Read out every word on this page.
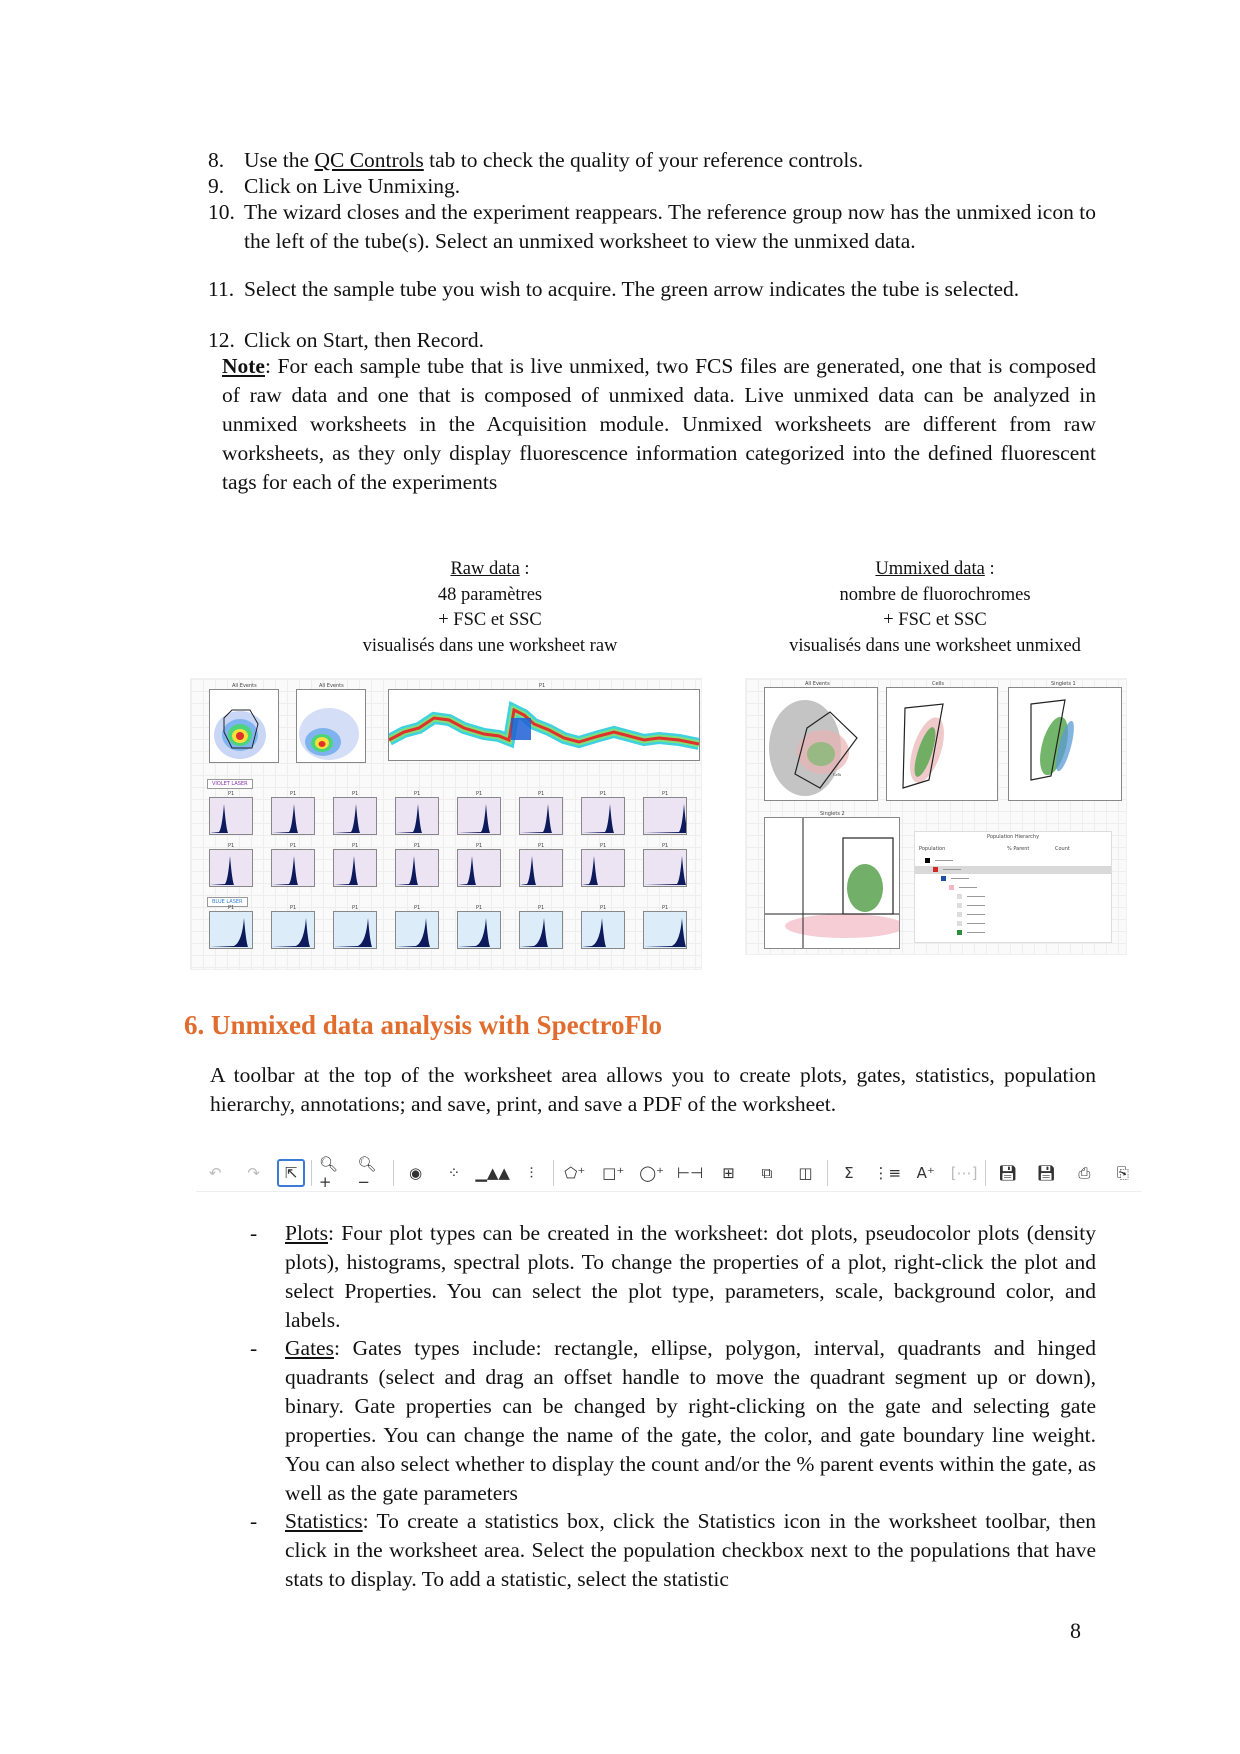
8. Use the QC Controls tab to check the quality of your reference controls.
9. Click on Live Unmixing.
10. The wizard closes and the experiment reappears. The reference group now has the unmixed icon to the left of the tube(s). Select an unmixed worksheet to view the unmixed data.
11. Select the sample tube you wish to acquire. The green arrow indicates the tube is selected.
12. Click on Start, then Record.
Note: For each sample tube that is live unmixed, two FCS files are generated, one that is composed of raw data and one that is composed of unmixed data. Live unmixed data can be analyzed in unmixed worksheets in the Acquisition module. Unmixed worksheets are different from raw worksheets, as they only display fluorescence information categorized into the defined fluorescent tags for each of the experiments
Raw data :
48 paramètres
+ FSC et SSC
visualisés dans une worksheet raw
Ummixed data :
nombre de fluorochromes
+ FSC et SSC
visualisés dans une worksheet unmixed
All Events	All Events	P1
VIOLET LASER
BLUE LASER
P1	P1	P1	P1	P1	P1	P1	P1
P1	P1	P1	P1	P1	P1	P1	P1
P1	P1	P1	P1	P1	P1	P1	P1
All Events
Cells
Cells	Singlets 1
Singlets 2
Population Hierarchy
Population	% Parent	Count
6. Unmixed data analysis with SpectroFlo
A toolbar at the top of the worksheet area allows you to create plots, gates, statistics, population hierarchy, annotations; and save, print, and save a PDF of the worksheet.
↶ ↷ ⇱ 🔍︎+
🔍︎−	◉ ⁘ ▁▲▲ ⫶ ⬠⁺ □⁺ ◯⁺ ⊢⊣ ⊞ ⧉ ◫ Σ ⋮≡ A⁺ [⋯] 💾︎ 💾︎ ⎙ ⎘
- Plots: Four plot types can be created in the worksheet: dot plots, pseudocolor plots (density plots), histograms, spectral plots. To change the properties of a plot, right-click the plot and select Properties. You can select the plot type, parameters, scale, background color, and labels.
- Gates: Gates types include: rectangle, ellipse, polygon, interval, quadrants and hinged quadrants (select and drag an offset handle to move the quadrant segment up or down), binary. Gate properties can be changed by right-clicking on the gate and selecting gate properties. You can change the name of the gate, the color, and gate boundary line weight. You can also select whether to display the count and/or the % parent events within the gate, as well as the gate parameters
- Statistics: To create a statistics box, click the Statistics icon in the worksheet toolbar, then click in the worksheet area. Select the population checkbox next to the populations that have stats to display. To add a statistic, select the statistic
8
